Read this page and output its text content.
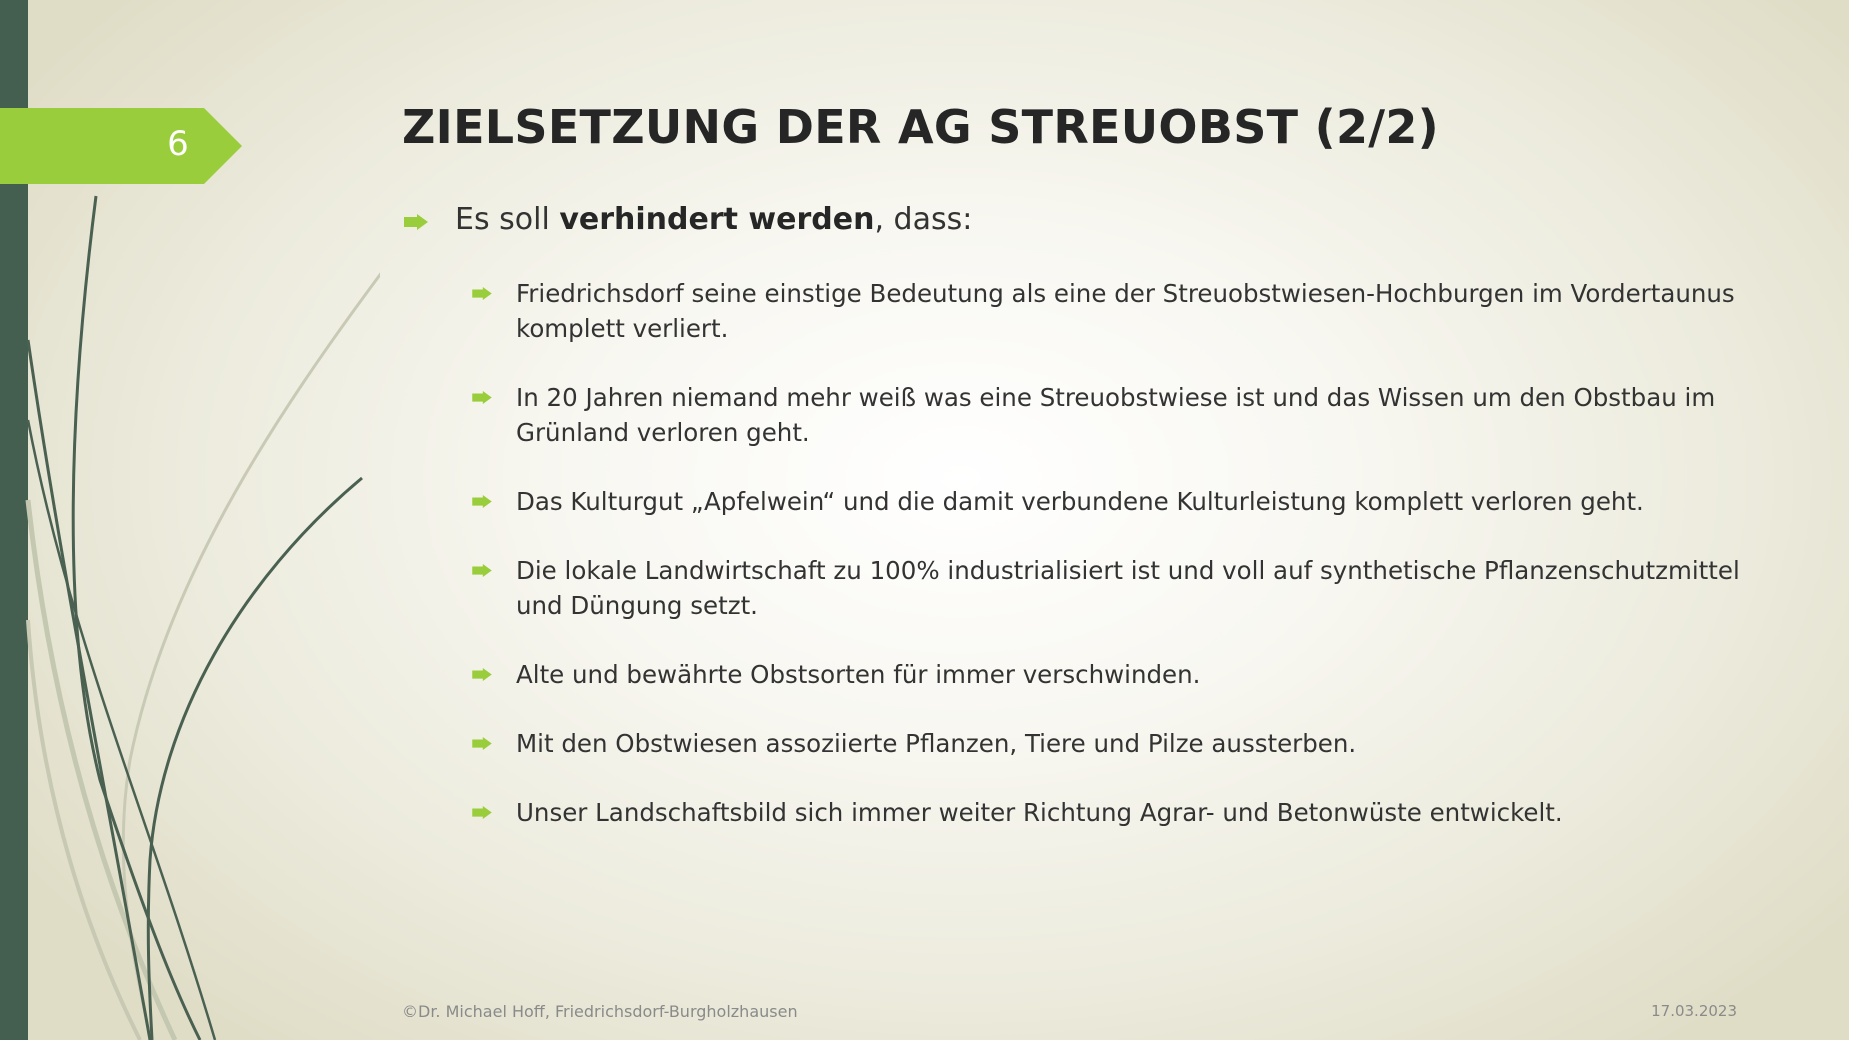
6	ZIELSETZUNG DER AG STREUOBST (2/2)
Es soll verhindert werden, dass:
Friedrichsdorf seine einstige Bedeutung als eine der Streuobstwiesen-Hochburgen im Vordertaunus komplett verliert.
In 20 Jahren niemand mehr weiß was eine Streuobstwiese ist und das Wissen um den Obstbau im Grünland verloren geht.
Das Kulturgut „Apfelwein“ und die damit verbundene Kulturleistung komplett verloren geht.
Die lokale Landwirtschaft zu 100% industrialisiert ist und voll auf synthetische Pflanzenschutzmittel und Düngung setzt.
Alte und bewährte Obstsorten für immer verschwinden.
Mit den Obstwiesen assoziierte Pflanzen, Tiere und Pilze aussterben.
Unser Landschaftsbild sich immer weiter Richtung Agrar- und Betonwüste entwickelt.
©Dr. Michael Hoff, Friedrichsdorf-Burgholzhausen	17.03.2023
